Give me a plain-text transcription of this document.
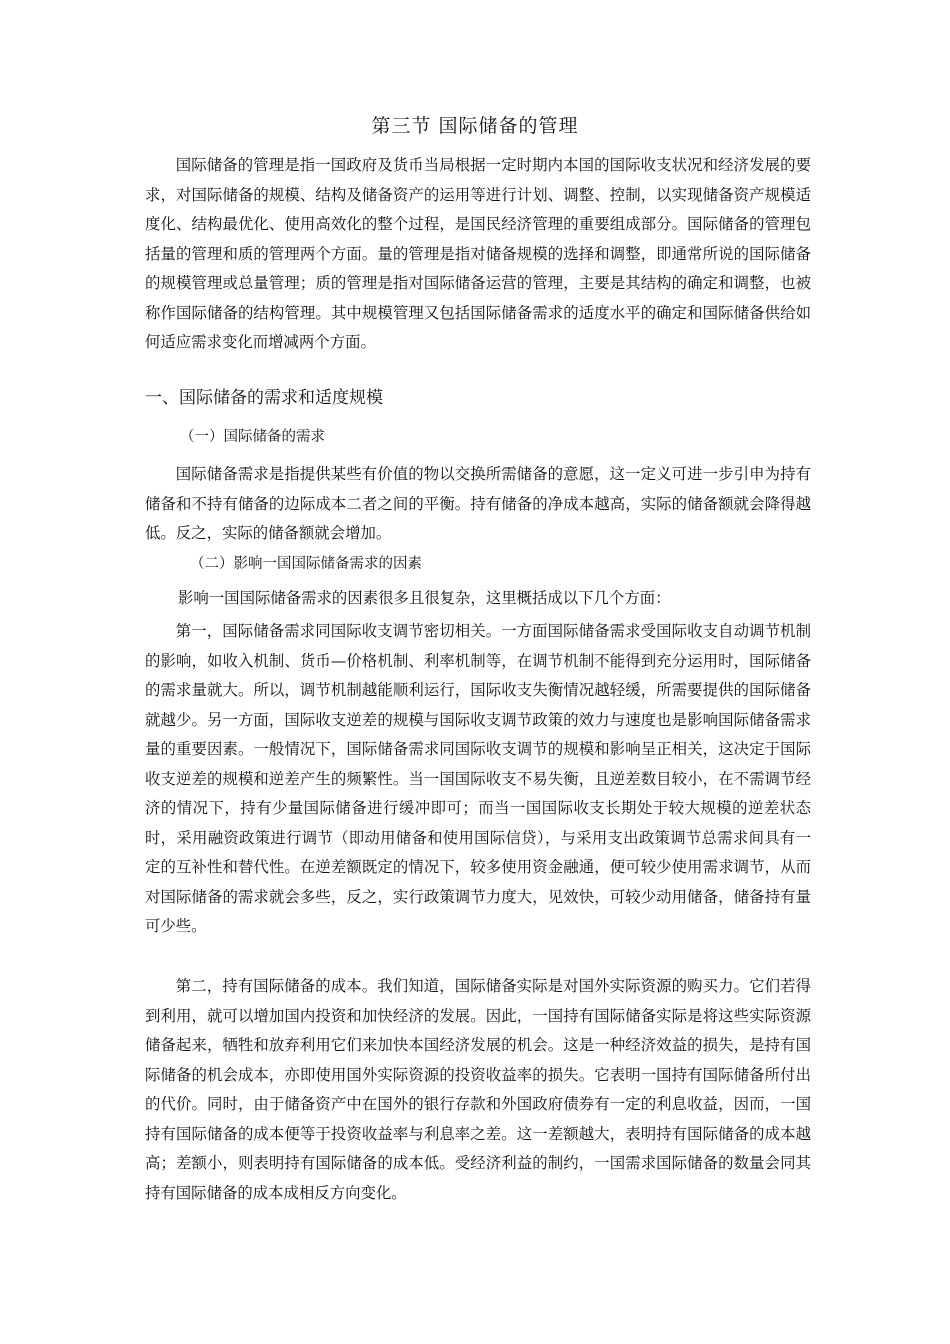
第三节 国际储备的管理

国际储备的管理是指一国政府及货币当局根据一定时期内本国的国际收支状况和经济发展的要求，对国际储备的规模、结构及储备资产的运用等进行计划、调整、控制，以实现储备资产规模适度化、结构最优化、使用高效化的整个过程，是国民经济管理的重要组成部分。国际储备的管理包括量的管理和质的管理两个方面。量的管理是指对储备规模的选择和调整，即通常所说的国际储备的规模管理或总量管理；质的管理是指对国际储备运营的管理，主要是其结构的确定和调整，也被称作国际储备的结构管理。其中规模管理又包括国际储备需求的适度水平的确定和国际储备供给如何适应需求变化而增减两个方面。

一、国际储备的需求和适度规模
（一）国际储备的需求

国际储备需求是指提供某些有价值的物以交换所需储备的意愿，这一定义可进一步引申为持有储备和不持有储备的边际成本二者之间的平衡。持有储备的净成本越高，实际的储备额就会降得越低。反之，实际的储备额就会增加。

（二）影响一国国际储备需求的因素
影响一国国际储备需求的因素很多且很复杂，这里概括成以下几个方面：

第一，国际储备需求同国际收支调节密切相关。一方面国际储备需求受国际收支自动调节机制的影响，如收入机制、货币—价格机制、利率机制等，在调节机制不能得到充分运用时，国际储备的需求量就大。所以，调节机制越能顺利运行，国际收支失衡情况越轻缓，所需要提供的国际储备就越少。另一方面，国际收支逆差的规模与国际收支调节政策的效力与速度也是影响国际储备需求量的重要因素。一般情况下，国际储备需求同国际收支调节的规模和影响呈正相关，这决定于国际收支逆差的规模和逆差产生的频繁性。当一国国际收支不易失衡，且逆差数目较小，在不需调节经济的情况下，持有少量国际储备进行缓冲即可；而当一国国际收支长期处于较大规模的逆差状态时，采用融资政策进行调节（即动用储备和使用国际信贷），与采用支出政策调节总需求间具有一定的互补性和替代性。在逆差额既定的情况下，较多使用资金融通，便可较少使用需求调节，从而对国际储备的需求就会多些，反之，实行政策调节力度大，见效快，可较少动用储备，储备持有量可少些。

第二，持有国际储备的成本。我们知道，国际储备实际是对国外实际资源的购买力。它们若得到利用，就可以增加国内投资和加快经济的发展。因此，一国持有国际储备实际是将这些实际资源储备起来，牺牲和放弃利用它们来加快本国经济发展的机会。这是一种经济效益的损失，是持有国际储备的机会成本，亦即使用国外实际资源的投资收益率的损失。它表明一国持有国际储备所付出的代价。同时，由于储备资产中在国外的银行存款和外国政府债券有一定的利息收益，因而，一国持有国际储备的成本便等于投资收益率与利息率之差。这一差额越大，表明持有国际储备的成本越高；差额小，则表明持有国际储备的成本低。受经济利益的制约，一国需求国际储备的数量会同其持有国际储备的成本成相反方向变化。
